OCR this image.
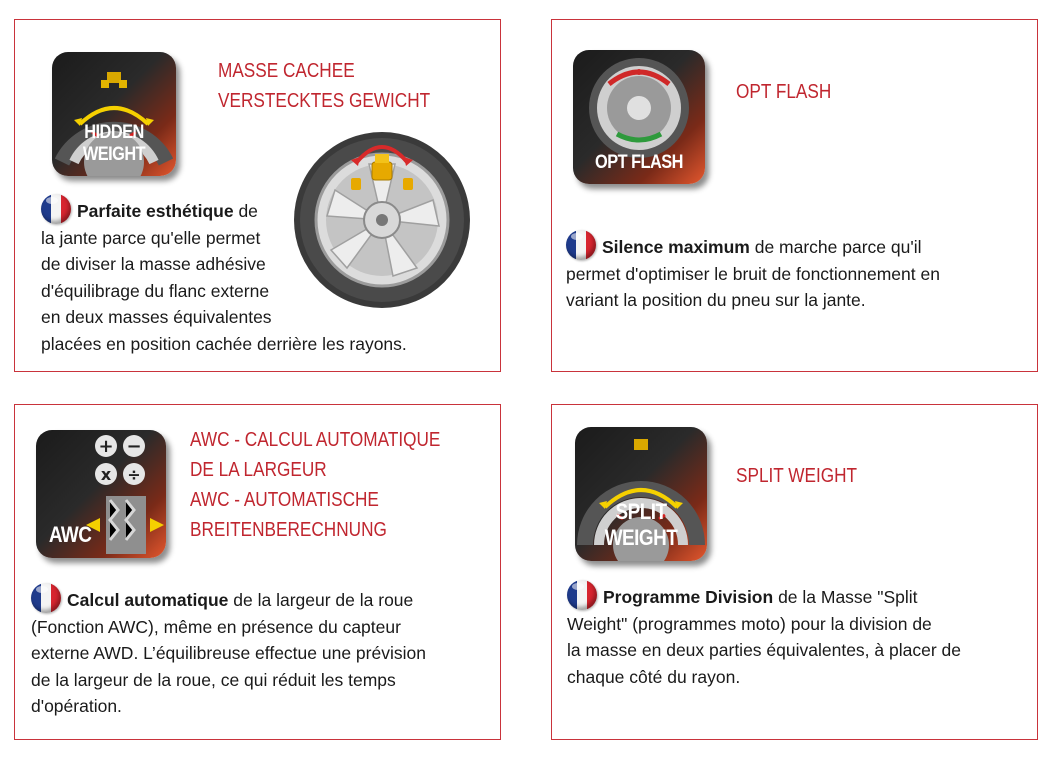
HIDDEN WEIGHT
MASSE CACHEE
VERSTECKTES GEWICHT
Parfaite esthétique de
la jante parce qu'elle permet
de diviser la masse adhésive
d'équilibrage du flanc externe
en deux masses équivalentes
placées en position cachée derrière les rayons.
OPT FLASH
OPT FLASH
Silence maximum de marche parce qu'il
permet d'optimiser le bruit de fonctionnement en
variant la position du pneu sur la jante.
+ −
x ÷
AWC
AWC - CALCUL AUTOMATIQUE
DE LA LARGEUR
AWC - AUTOMATISCHE
BREITENBERECHNUNG
Calcul automatique de la largeur de la roue
(Fonction AWC), même en présence du capteur
externe AWD. L’équilibreuse effectue une prévision
de la largeur de la roue, ce qui réduit les temps
d'opération.
SPLIT WEIGHT
SPLIT WEIGHT
Programme Division de la Masse "Split
Weight" (programmes moto) pour la division de
la masse en deux parties équivalentes, à placer de
chaque côté du rayon.
